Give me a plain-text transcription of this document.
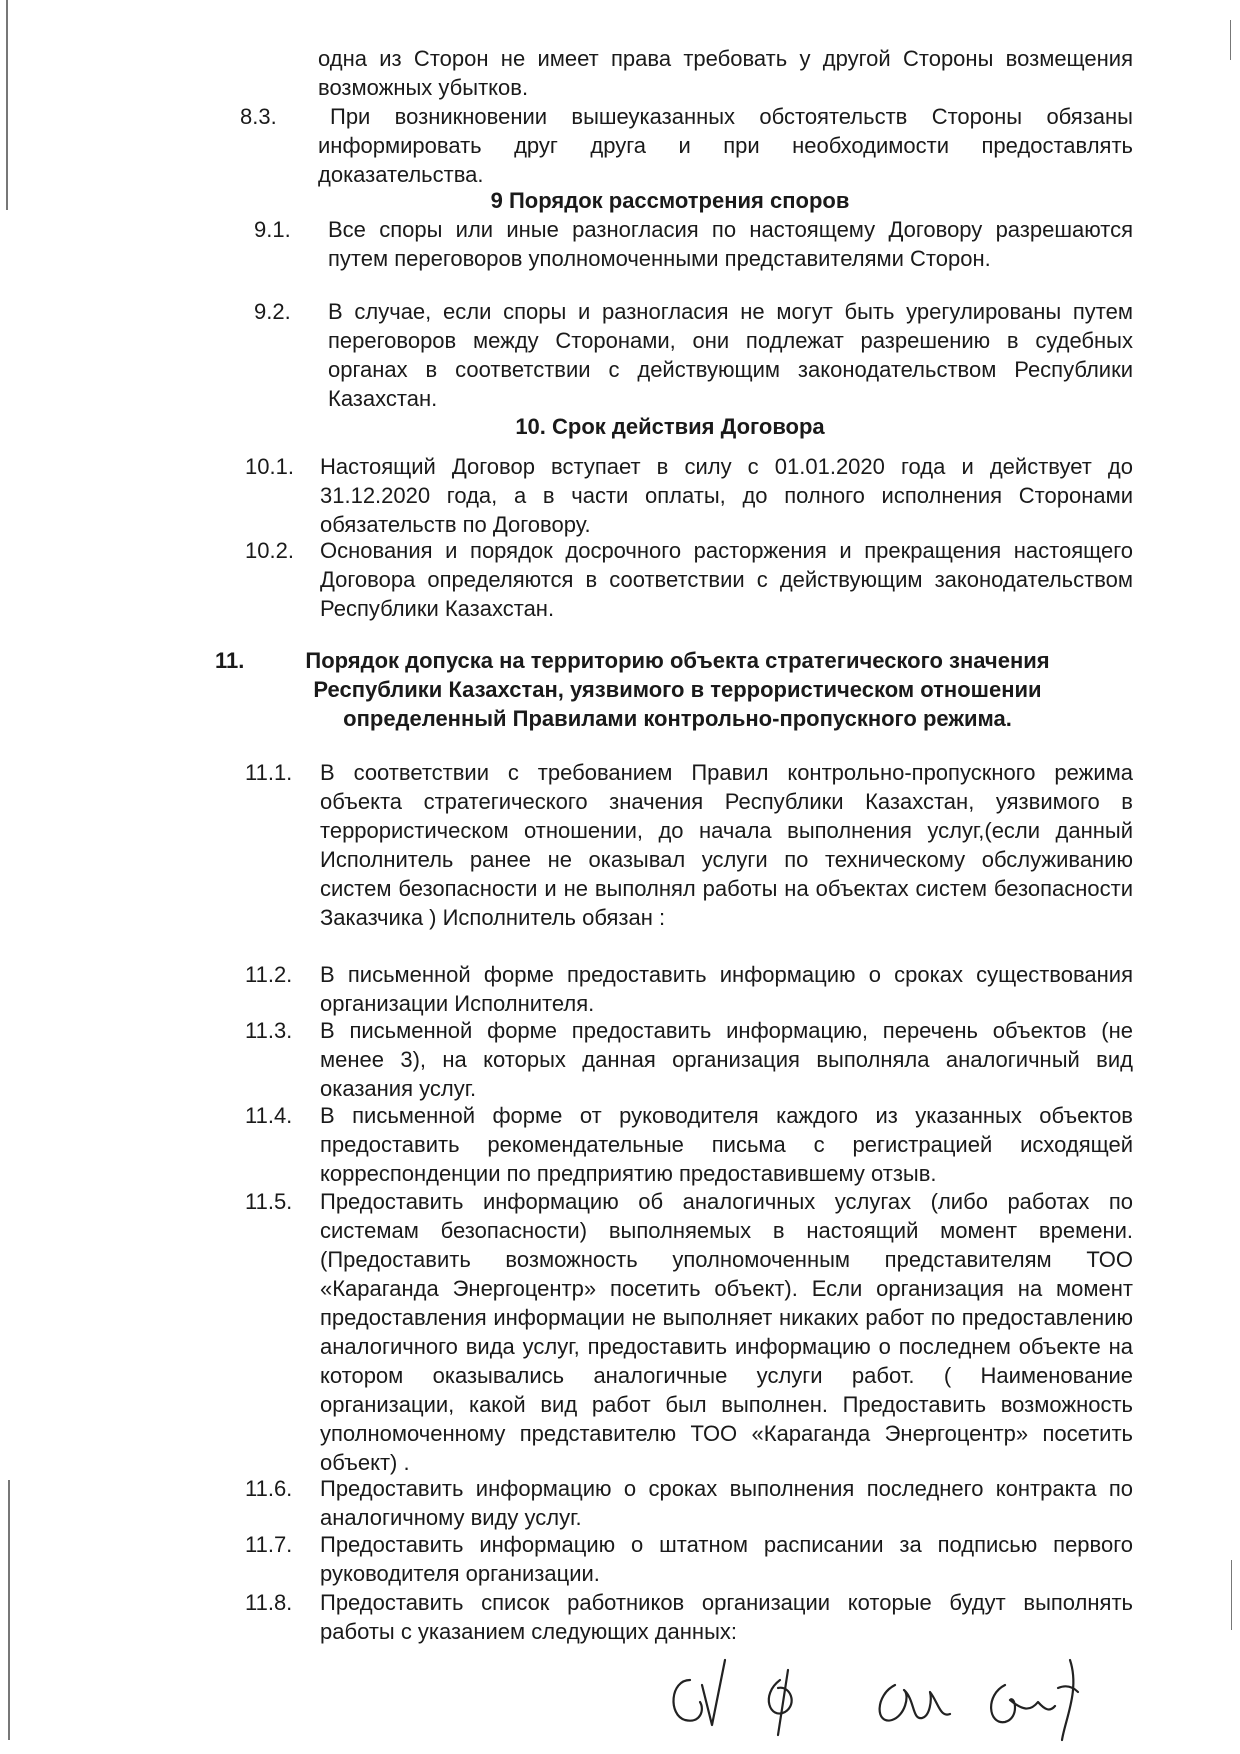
одна из Сторон не имеет права требовать у другой Стороны возмещения возможных убытков.
8.3.	При возникновении вышеуказанных обстоятельств Стороны обязаны информировать друг друга и при необходимости предоставлять доказательства.
9 Порядок рассмотрения споров
9.1. Все споры или иные разногласия по настоящему Договору разрешаются путем переговоров уполномоченными представителями Сторон.
9.2. В случае, если споры и разногласия не могут быть урегулированы путем переговоров между Сторонами, они подлежат разрешению в судебных органах в соответствии с действующим законодательством Республики Казахстан.
10. Срок действия Договора
10.1. Настоящий Договор вступает в силу с 01.01.2020 года и действует до 31.12.2020 года, а в части оплаты, до полного исполнения Сторонами обязательств по Договору.
10.2. Основания и порядок досрочного расторжения и прекращения настоящего Договора определяются в соответствии с действующим законодательством Республики Казахстан.
11.	Порядок допуска на территорию объекта стратегического значения Республики Казахстан, уязвимого в террористическом отношении определенный Правилами контрольно-пропускного режима.
11.1. В соответствии с требованием Правил контрольно-пропускного режима объекта стратегического значения Республики Казахстан, уязвимого в террористическом отношении, до начала выполнения услуг,(если данный Исполнитель ранее не оказывал услуги по техническому обслуживанию систем безопасности и не выполнял работы на объектах систем безопасности Заказчика ) Исполнитель обязан :
11.2. В письменной форме предоставить информацию о сроках существования организации Исполнителя.
11.3. В письменной форме предоставить информацию, перечень объектов (не менее 3), на которых данная организация выполняла аналогичный вид оказания услуг.
11.4. В письменной форме от руководителя каждого из указанных объектов предоставить рекомендательные письма с регистрацией исходящей корреспонденции по предприятию предоставившему отзыв.
11.5. Предоставить информацию об аналогичных услугах (либо работах по системам безопасности) выполняемых в настоящий момент времени. (Предоставить возможность уполномоченным представителям ТОО «Караганда Энергоцентр» посетить объект). Если организация на момент предоставления информации не выполняет никаких работ по предоставлению аналогичного вида услуг, предоставить информацию о последнем объекте на котором оказывались аналогичные услуги работ. ( Наименование организации, какой вид работ был выполнен. Предоставить возможность уполномоченному представителю ТОО «Караганда Энергоцентр» посетить объект) .
11.6. Предоставить информацию о сроках выполнения последнего контракта по аналогичному виду услуг.
11.7. Предоставить информацию о штатном расписании за подписью первого руководителя организации.
11.8. Предоставить список работников организации которые будут выполнять работы с указанием следующих данных:
